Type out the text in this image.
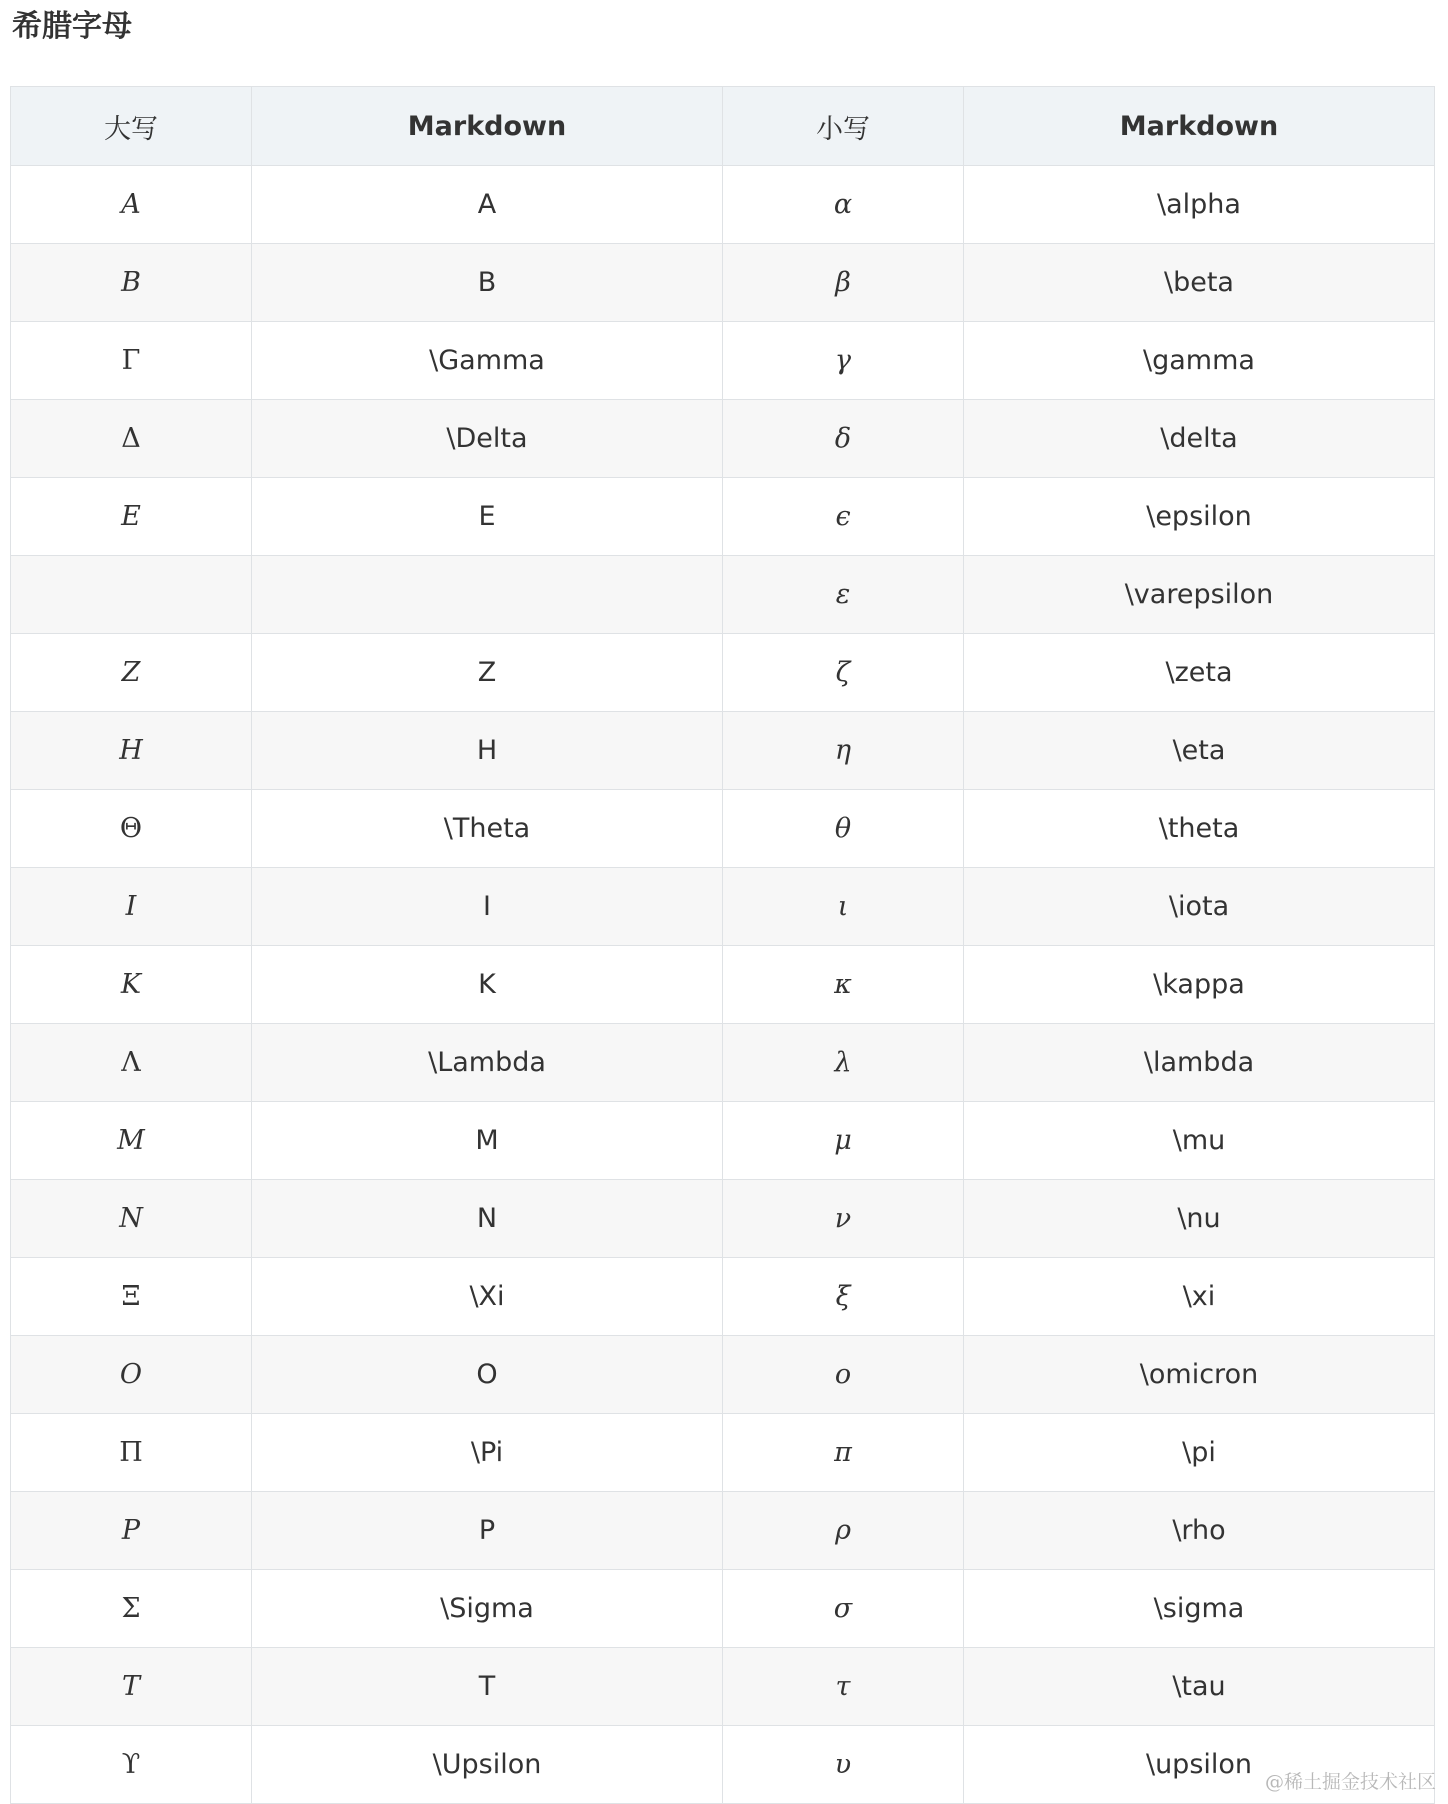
希腊字母
大写	Markdown	小写	Markdown
A	A	α	\alpha
B	B	β	\beta
Γ	\Gamma	γ	\gamma
Δ	\Delta	δ	\delta
E	E	ϵ	\epsilon
		ε	\varepsilon
Z	Z	ζ	\zeta
H	H	η	\eta
Θ	\Theta	θ	\theta
I	I	ι	\iota
K	K	κ	\kappa
Λ	\Lambda	λ	\lambda
M	M	μ	\mu
N	N	ν	\nu
Ξ	\Xi	ξ	\xi
O	O	ο	\omicron
Π	\Pi	π	\pi
P	P	ρ	\rho
Σ	\Sigma	σ	\sigma
T	T	τ	\tau
ϒ	\Upsilon	υ	\upsilon
@稀土掘金技术社区
